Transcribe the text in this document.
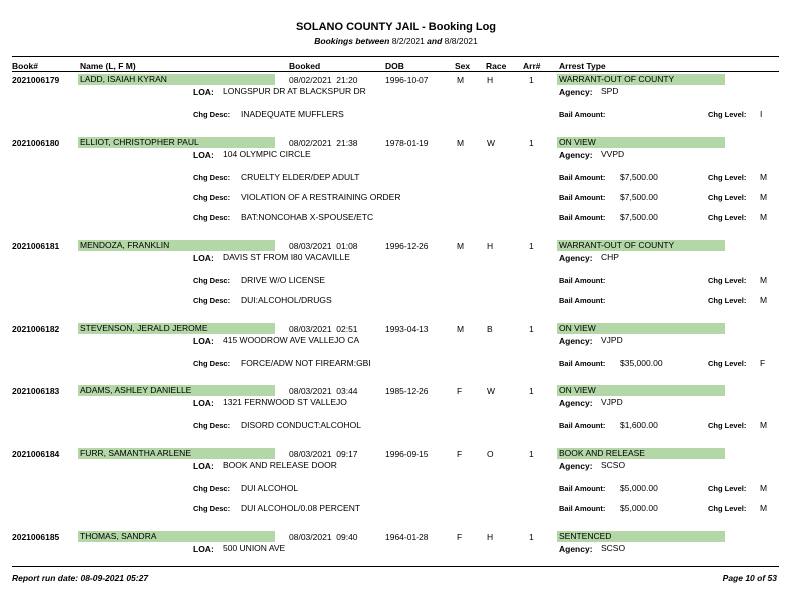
SOLANO COUNTY JAIL - Booking Log
Bookings between 8/2/2021 and 8/8/2021
Book#	Name (L, F M)	Booked	DOB	Sex Race Arr# Arrest Type
2021006179 LADD, ISAIAH KYRAN	08/02/2021  21:20	1996-10-07	M	H	1	WARRANT-OUT OF COUNTY
LOA: LONGSPUR DR AT BLACKSPUR DR	Agency: SPD
Chg Desc: INADEQUATE MUFFLERS	Bail Amount:	Chg Level: I
2021006180 ELLIOT, CHRISTOPHER PAUL	08/02/2021  21:38	1978-01-19	M	W	1	ON VIEW
LOA: 104 OLYMPIC CIRCLE	Agency: VVPD
Chg Desc: CRUELTY ELDER/DEP ADULT	Bail Amount: $7,500.00	Chg Level: M
Chg Desc: VIOLATION OF A RESTRAINING ORDER	Bail Amount: $7,500.00	Chg Level: M
Chg Desc: BAT:NONCOHAB X-SPOUSE/ETC	Bail Amount: $7,500.00	Chg Level: M
2021006181 MENDOZA, FRANKLIN	08/03/2021  01:08	1996-12-26	M	H	1	WARRANT-OUT OF COUNTY
LOA: DAVIS ST FROM I80 VACAVILLE	Agency: CHP
Chg Desc: DRIVE W/O LICENSE	Bail Amount:	Chg Level: M
Chg Desc: DUI:ALCOHOL/DRUGS	Bail Amount:	Chg Level: M
2021006182 STEVENSON, JERALD JEROME	08/03/2021  02:51	1993-04-13	M	B	1	ON VIEW
LOA: 415 WOODROW AVE VALLEJO CA	Agency: VJPD
Chg Desc: FORCE/ADW NOT FIREARM:GBI	Bail Amount: $35,000.00	Chg Level: F
2021006183 ADAMS, ASHLEY DANIELLE	08/03/2021  03:44	1985-12-26	F	W	1	ON VIEW
LOA: 1321 FERNWOOD ST VALLEJO	Agency: VJPD
Chg Desc: DISORD CONDUCT:ALCOHOL	Bail Amount: $1,600.00	Chg Level: M
2021006184 FURR, SAMANTHA ARLENE	08/03/2021  09:17	1996-09-15	F	O	1	BOOK AND RELEASE
LOA: BOOK AND RELEASE DOOR	Agency: SCSO
Chg Desc: DUI ALCOHOL	Bail Amount: $5,000.00	Chg Level: M
Chg Desc: DUI ALCOHOL/0.08 PERCENT	Bail Amount: $5,000.00	Chg Level: M
2021006185 THOMAS, SANDRA	08/03/2021  09:40	1964-01-28	F	H	1	SENTENCED
LOA: 500 UNION AVE	Agency: SCSO
Report run date: 08-09-2021 05:27	Page 10 of 53
